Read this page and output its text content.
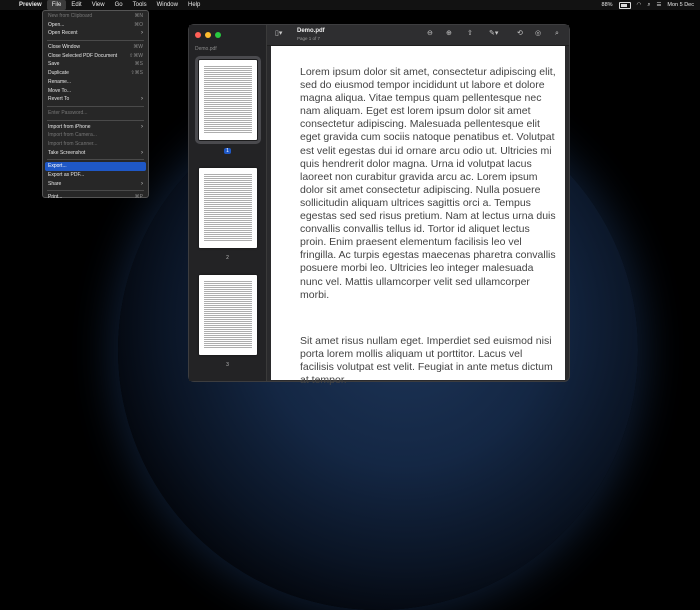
Preview	File	Edit	View	Go	Tools	Window	Help	88%	◠ ⌕ ☰ Mon 5 Dec
New from Clipboard	⌘N
Open...	⌘O
Open Recent	›
Close Window	⌘W
Close Selected PDF Document ⇧⌘W
Save	⌘S
Duplicate	⇧⌘S
Rename...
Move To...
Revert To	›
Enter Password...
Import from iPhone	›
Import from Camera...
Import from Scanner...
Take Screenshot	›
Export...
Export as PDF...
Share	›
Print...	⌘P
Demo.pdf
1
2
3
▯▾ Demo.pdf
Page 1 of 7
⊖ ⊕ ⇧ ✎▾	⟲ ◎ ⌕

Lorem ipsum dolor sit amet, consectetur adipiscing elit, sed do eiusmod tempor incididunt ut labore et dolore magna aliqua. Vitae tempus quam pellentesque nec nam aliquam. Eget est lorem ipsum dolor sit amet consectetur adipiscing. Malesuada pellentesque elit eget gravida cum sociis natoque penatibus et. Volutpat est velit egestas dui id ornare arcu odio ut. Ultricies mi quis hendrerit dolor magna. Urna id volutpat lacus laoreet non curabitur gravida arcu ac. Lorem ipsum dolor sit amet consectetur adipiscing. Nulla posuere sollicitudin aliquam ultrices sagittis orci a. Tempus egestas sed sed risus pretium. Nam at lectus urna duis convallis convallis tellus id. Tortor id aliquet lectus proin. Enim praesent elementum facilisis leo vel fringilla. Ac turpis egestas maecenas pharetra convallis posuere morbi leo. Ultricies leo integer malesuada nunc vel. Mattis ullamcorper velit sed ullamcorper morbi.

Sit amet risus nullam eget. Imperdiet sed euismod nisi porta lorem mollis aliquam ut porttitor. Lacus vel facilisis volutpat est velit. Feugiat in ante metus dictum at tempor.
